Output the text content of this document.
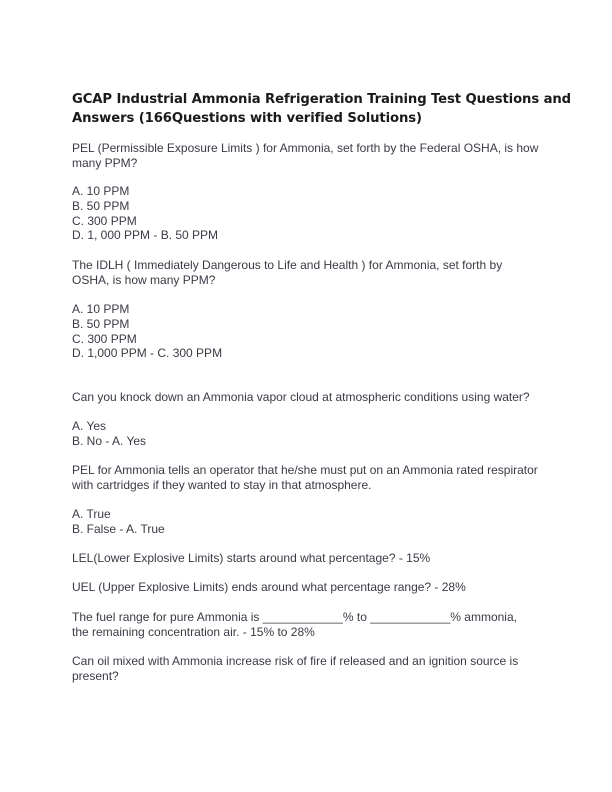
GCAP Industrial Ammonia Refrigeration Training Test Questions and
Answers (166Questions with verified Solutions)
PEL (Permissible Exposure Limits ) for Ammonia, set forth by the Federal OSHA, is how
many PPM?
A. 10 PPM
B. 50 PPM
C. 300 PPM
D. 1, 000 PPM - B. 50 PPM
The IDLH ( Immediately Dangerous to Life and Health ) for Ammonia, set forth by
OSHA, is how many PPM?
A. 10 PPM
B. 50 PPM
C. 300 PPM
D. 1,000 PPM - C. 300 PPM
Can you knock down an Ammonia vapor cloud at atmospheric conditions using water?
A. Yes
B. No - A. Yes
PEL for Ammonia tells an operator that he/she must put on an Ammonia rated respirator
with cartridges if they wanted to stay in that atmosphere.
A. True
B. False - A. True
LEL(Lower Explosive Limits) starts around what percentage? - 15%
UEL (Upper Explosive Limits) ends around what percentage range? - 28%
The fuel range for pure Ammonia is ____________% to ____________% ammonia,
the remaining concentration air. - 15% to 28%
Can oil mixed with Ammonia increase risk of fire if released and an ignition source is
present?
